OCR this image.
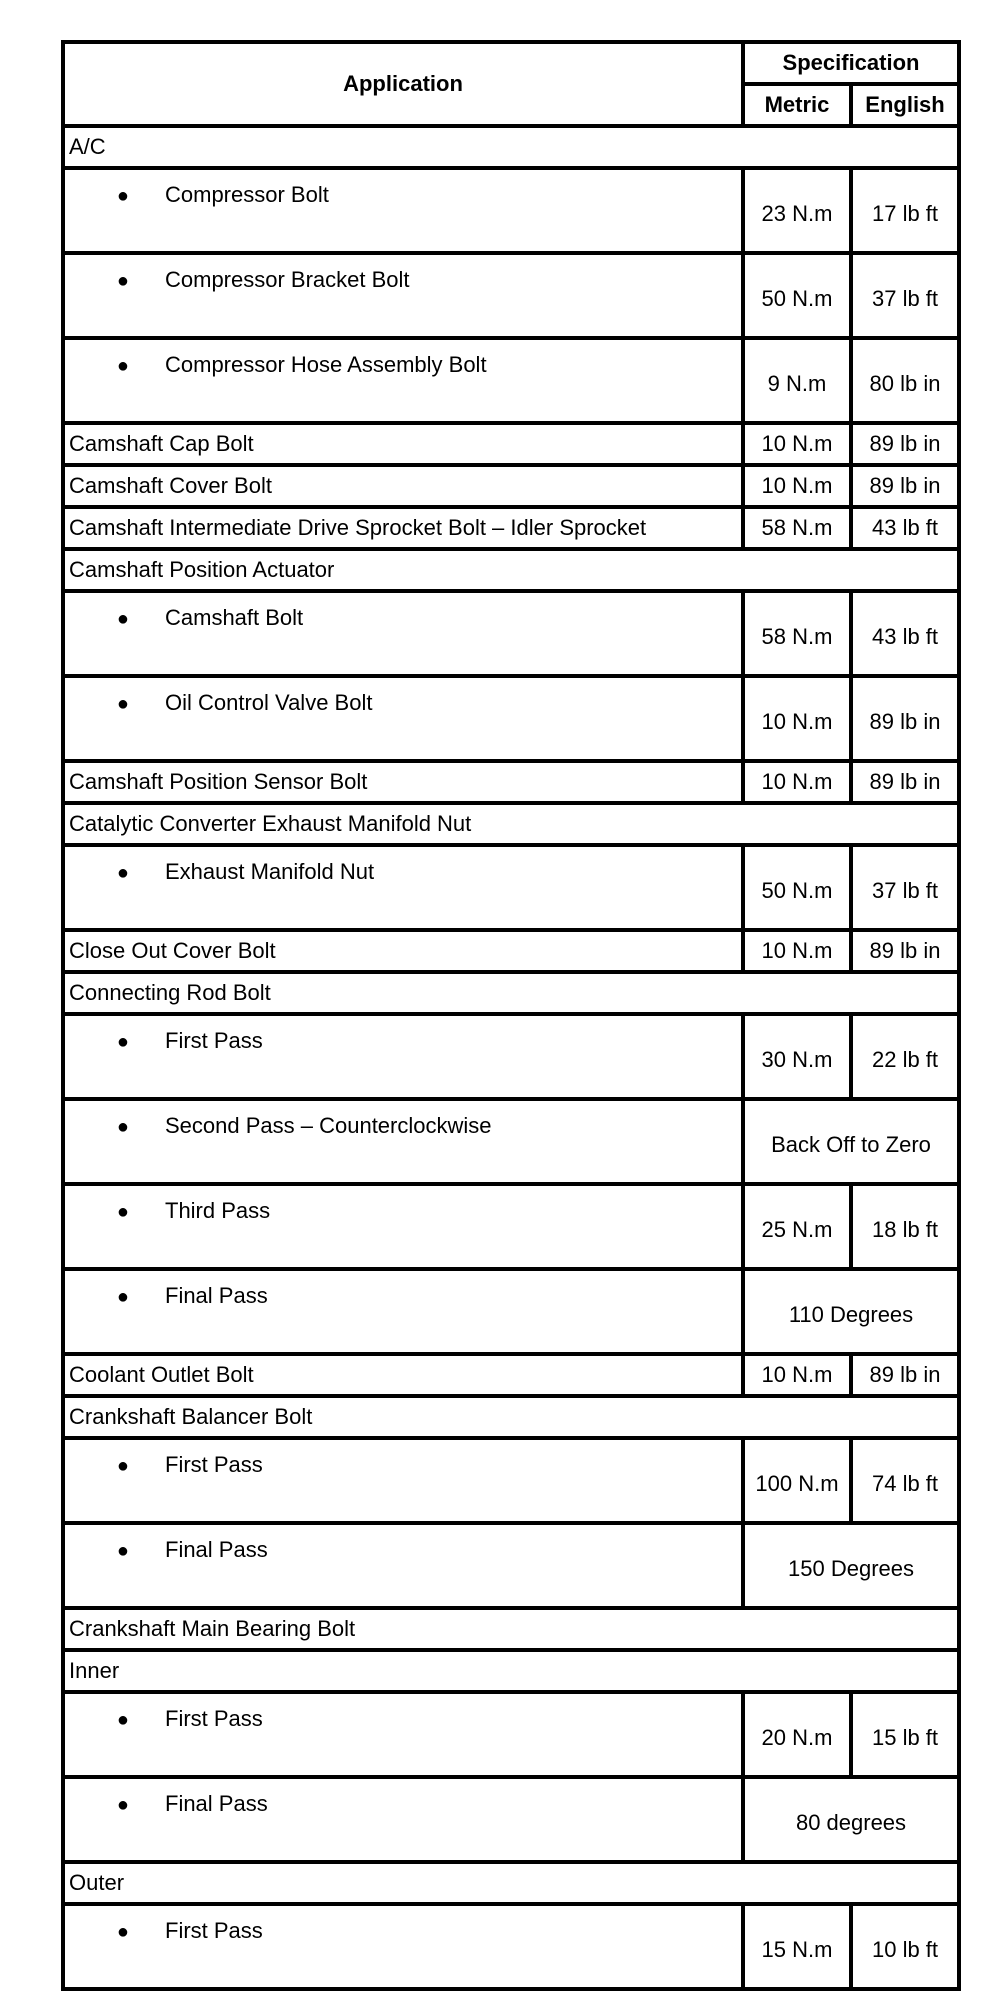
Application	Specification	
	Metric	English
A/C		
● Compressor Bolt	23 N.m	17 lb ft
● Compressor Bracket Bolt	50 N.m	37 lb ft
● Compressor Hose Assembly Bolt	9 N.m	80 lb in
Camshaft Cap Bolt	10 N.m	89 lb in
Camshaft Cover Bolt	10 N.m	89 lb in
Camshaft Intermediate Drive Sprocket Bolt – Idler Sprocket	58 N.m	43 lb ft
Camshaft Position Actuator		
● Camshaft Bolt	58 N.m	43 lb ft
● Oil Control Valve Bolt	10 N.m	89 lb in
Camshaft Position Sensor Bolt	10 N.m	89 lb in
Catalytic Converter Exhaust Manifold Nut		
● Exhaust Manifold Nut	50 N.m	37 lb ft
Close Out Cover Bolt	10 N.m	89 lb in
Connecting Rod Bolt		
● First Pass	30 N.m	22 lb ft
● Second Pass – Counterclockwise	Back Off to Zero	
● Third Pass	25 N.m	18 lb ft
● Final Pass	110 Degrees	
Coolant Outlet Bolt	10 N.m	89 lb in
Crankshaft Balancer Bolt		
● First Pass	100 N.m	74 lb ft
● Final Pass	150 Degrees	
Crankshaft Main Bearing Bolt		
Inner		
● First Pass	20 N.m	15 lb ft
● Final Pass	80 degrees	
Outer		
● First Pass	15 N.m	10 lb ft
